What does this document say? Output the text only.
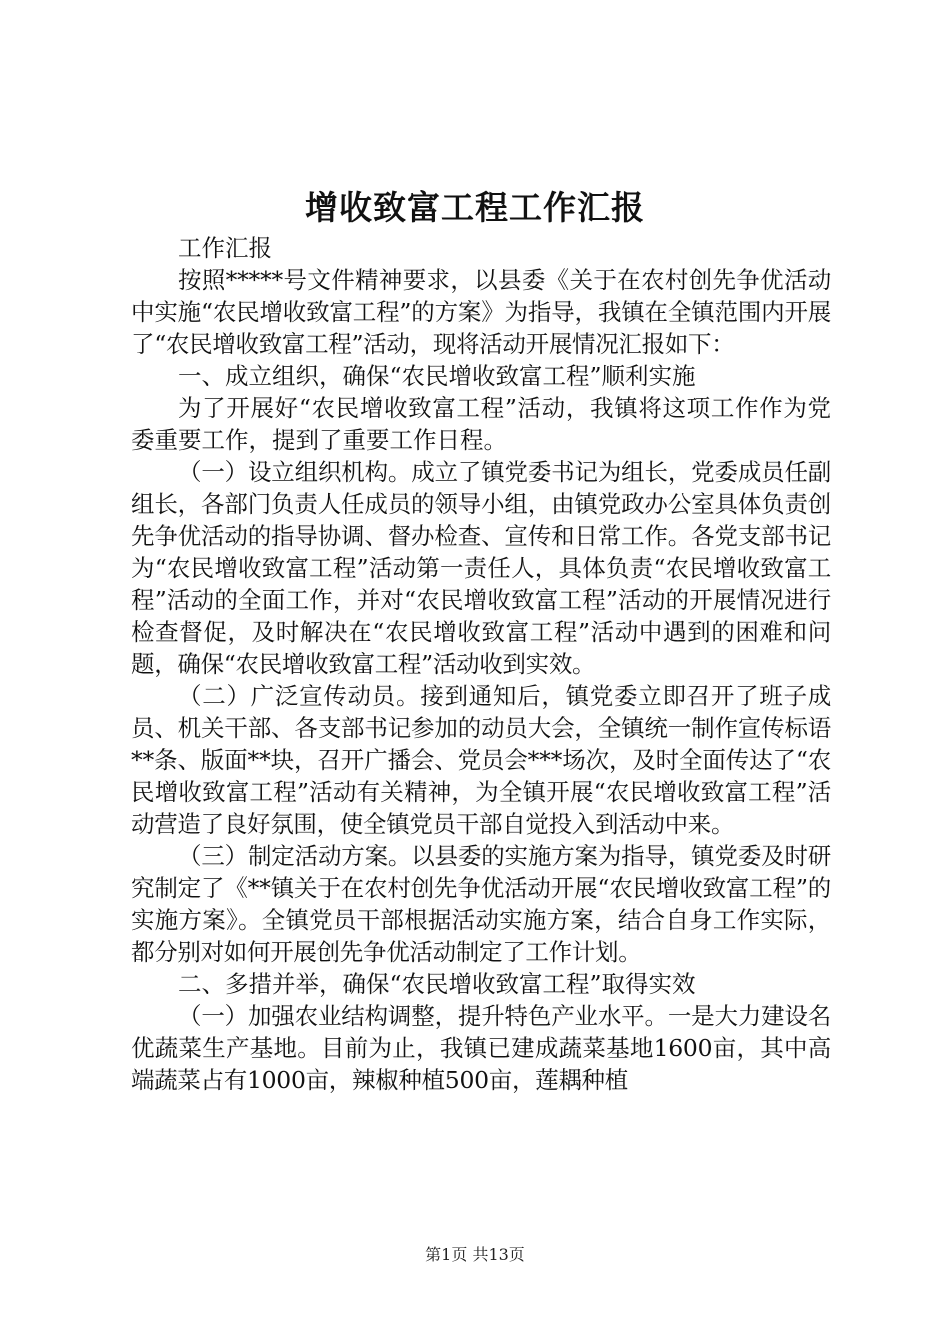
增收致富工程工作汇报

工作汇报

按照*****号文件精神要求，以县委《关于在农村创先争优活动中实施“农民增收致富工程”的方案》为指导，我镇在全镇范围内开展了“农民增收致富工程”活动，现将活动开展情况汇报如下：

一、成立组织，确保“农民增收致富工程”顺利实施

为了开展好“农民增收致富工程”活动，我镇将这项工作作为党委重要工作，提到了重要工作日程。

（一）设立组织机构。成立了镇党委书记为组长，党委成员任副组长，各部门负责人任成员的领导小组，由镇党政办公室具体负责创先争优活动的指导协调、督办检查、宣传和日常工作。各党支部书记为“农民增收致富工程”活动第一责任人，具体负责“农民增收致富工程”活动的全面工作，并对“农民增收致富工程”活动的开展情况进行检查督促，及时解决在“农民增收致富工程”活动中遇到的困难和问题，确保“农民增收致富工程”活动收到实效。

（二）广泛宣传动员。接到通知后，镇党委立即召开了班子成员、机关干部、各支部书记参加的动员大会，全镇统一制作宣传标语**条、版面**块，召开广播会、党员会***场次，及时全面传达了“农民增收致富工程”活动有关精神，为全镇开展“农民增收致富工程”活动营造了良好氛围，使全镇党员干部自觉投入到活动中来。

（三）制定活动方案。以县委的实施方案为指导，镇党委及时研究制定了《**镇关于在农村创先争优活动开展“农民增收致富工程”的实施方案》。全镇党员干部根据活动实施方案，结合自身工作实际，都分别对如何开展创先争优活动制定了工作计划。

二、多措并举，确保“农民增收致富工程”取得实效

（一）加强农业结构调整，提升特色产业水平。一是大力建设名优蔬菜生产基地。目前为止，我镇已建成蔬菜基地1600亩，其中高端蔬菜占有1000亩，辣椒种植500亩，莲耦种植

第1页 共13页
